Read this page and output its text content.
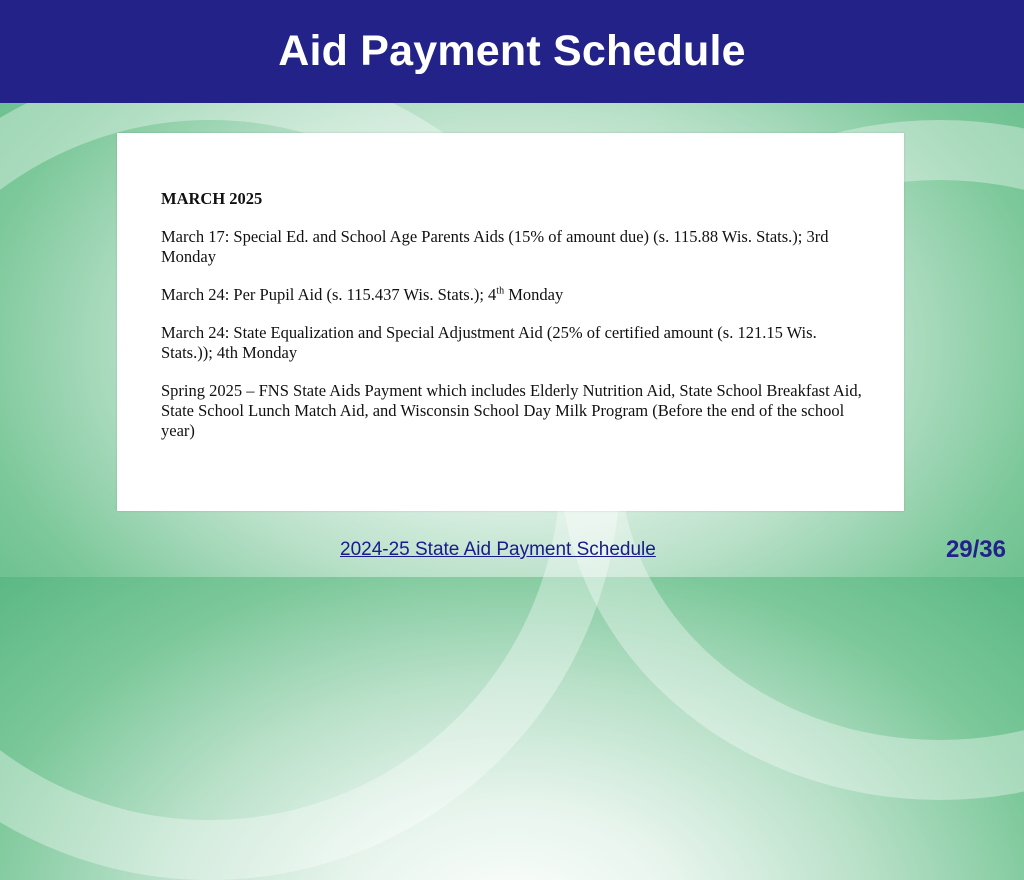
Aid Payment Schedule
MARCH 2025

March 17: Special Ed. and School Age Parents Aids (15% of amount due) (s. 115.88 Wis. Stats.); 3rd Monday

March 24: Per Pupil Aid (s. 115.437 Wis. Stats.); 4th Monday

March 24: State Equalization and Special Adjustment Aid (25% of certified amount (s. 121.15 Wis. Stats.)); 4th Monday

Spring 2025 – FNS State Aids Payment which includes Elderly Nutrition Aid, State School Breakfast Aid, State School Lunch Match Aid, and Wisconsin School Day Milk Program (Before the end of the school year)

2024-25 State Aid Payment Schedule	29/36
